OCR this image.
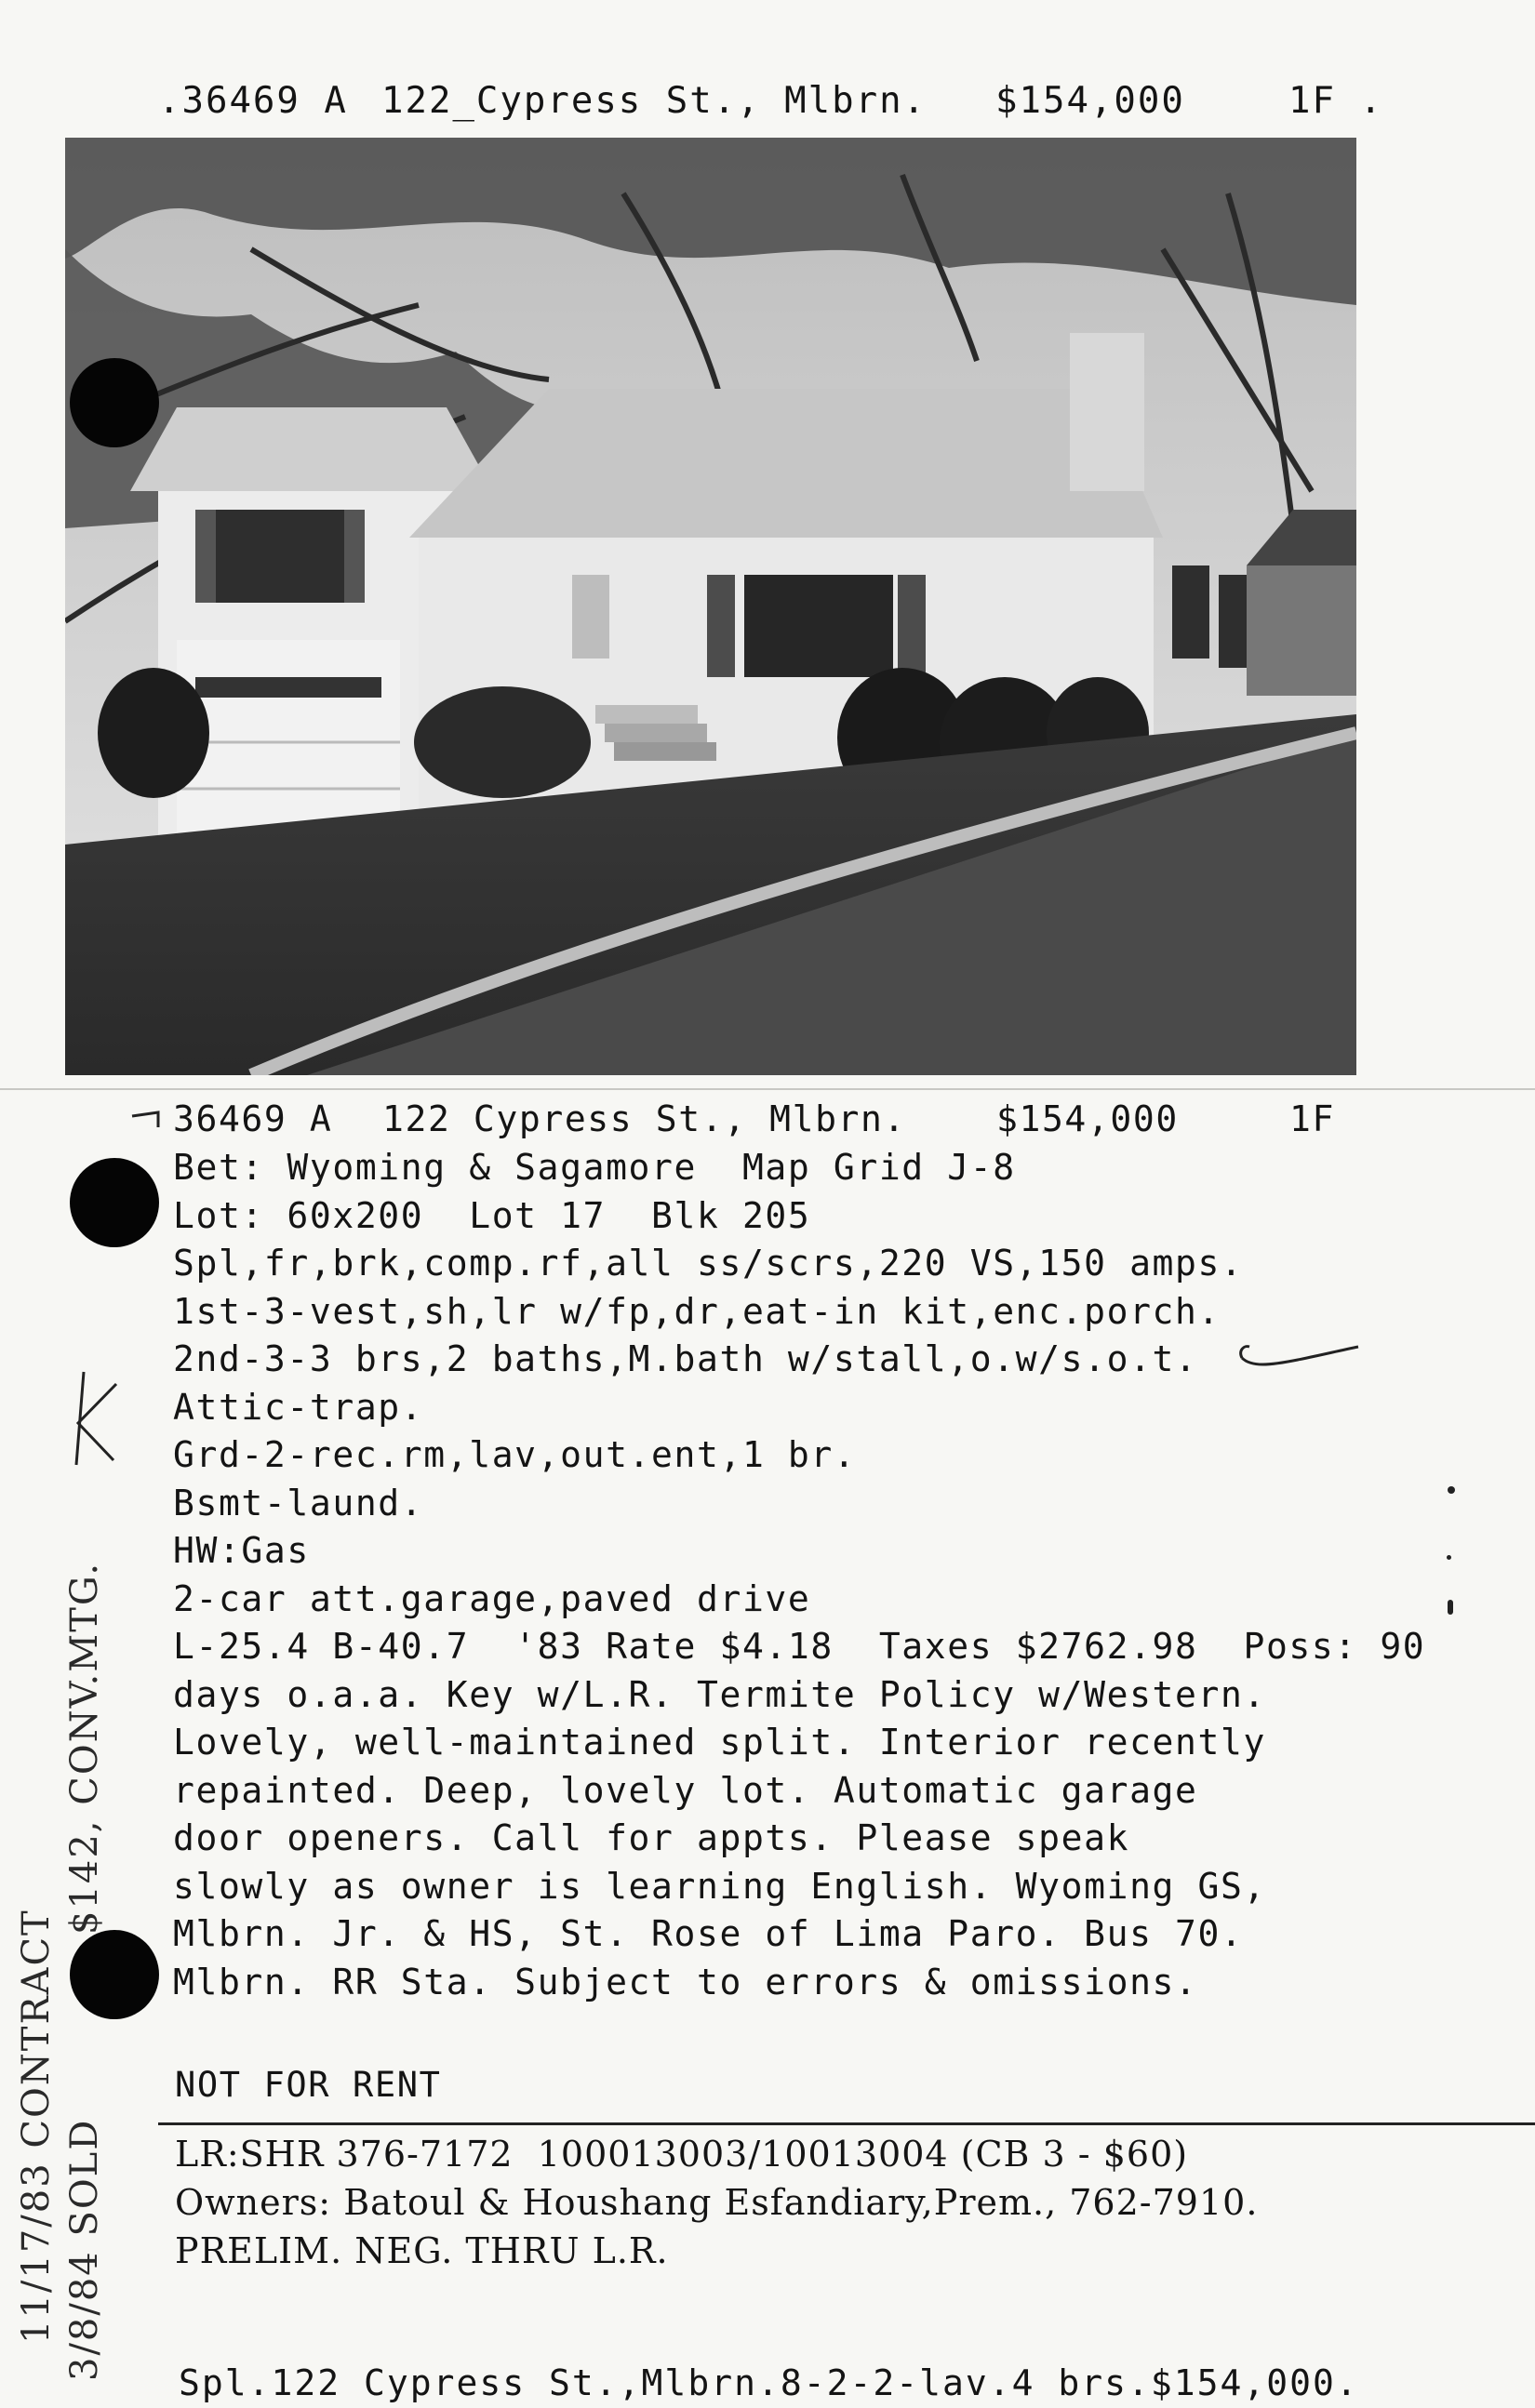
.36469 A

122_Cypress St., Mlbrn.

$154,000

	1F .

36469 A 122 Cypress St., Mlbrn.	$154,000	1F
Bet: Wyoming & Sagamore  Map Grid J-8
Lot: 60x200  Lot 17  Blk 205
Spl,fr,brk,comp.rf,all ss/scrs,220 VS,150 amps.
1st-3-vest,sh,lr w/fp,dr,eat-in kit,enc.porch.
2nd-3-3 brs,2 baths,M.bath w/stall,o.w/s.o.t.
Attic-trap.
Grd-2-rec.rm,lav,out.ent,1 br.
Bsmt-laund.
HW:Gas
2-car att.garage,paved drive
L-25.4 B-40.7  '83 Rate $4.18  Taxes $2762.98  Poss: 90
days o.a.a. Key w/L.R. Termite Policy w/Western.
Lovely, well-maintained split. Interior recently
repainted. Deep, lovely lot. Automatic garage
door openers. Call for appts. Please speak
slowly as owner is learning English. Wyoming GS,
Mlbrn. Jr. & HS, St. Rose of Lima Paro. Bus 70.
Mlbrn. RR Sta. Subject to errors & omissions.
NOT FOR RENT
LR:SHR 376-7172  100013003/10013004 (CB 3 - $60)
Owners: Batoul & Houshang Esfandiary,Prem., 762-7910.
PRELIM. NEG. THRU L.R.
Spl.122 Cypress St.,Mlbrn.8-2-2-lav.4 brs.$154,000.
11/17/83 CONTRACT 3/8/84 SOLD
$142, CONV.MTG.
